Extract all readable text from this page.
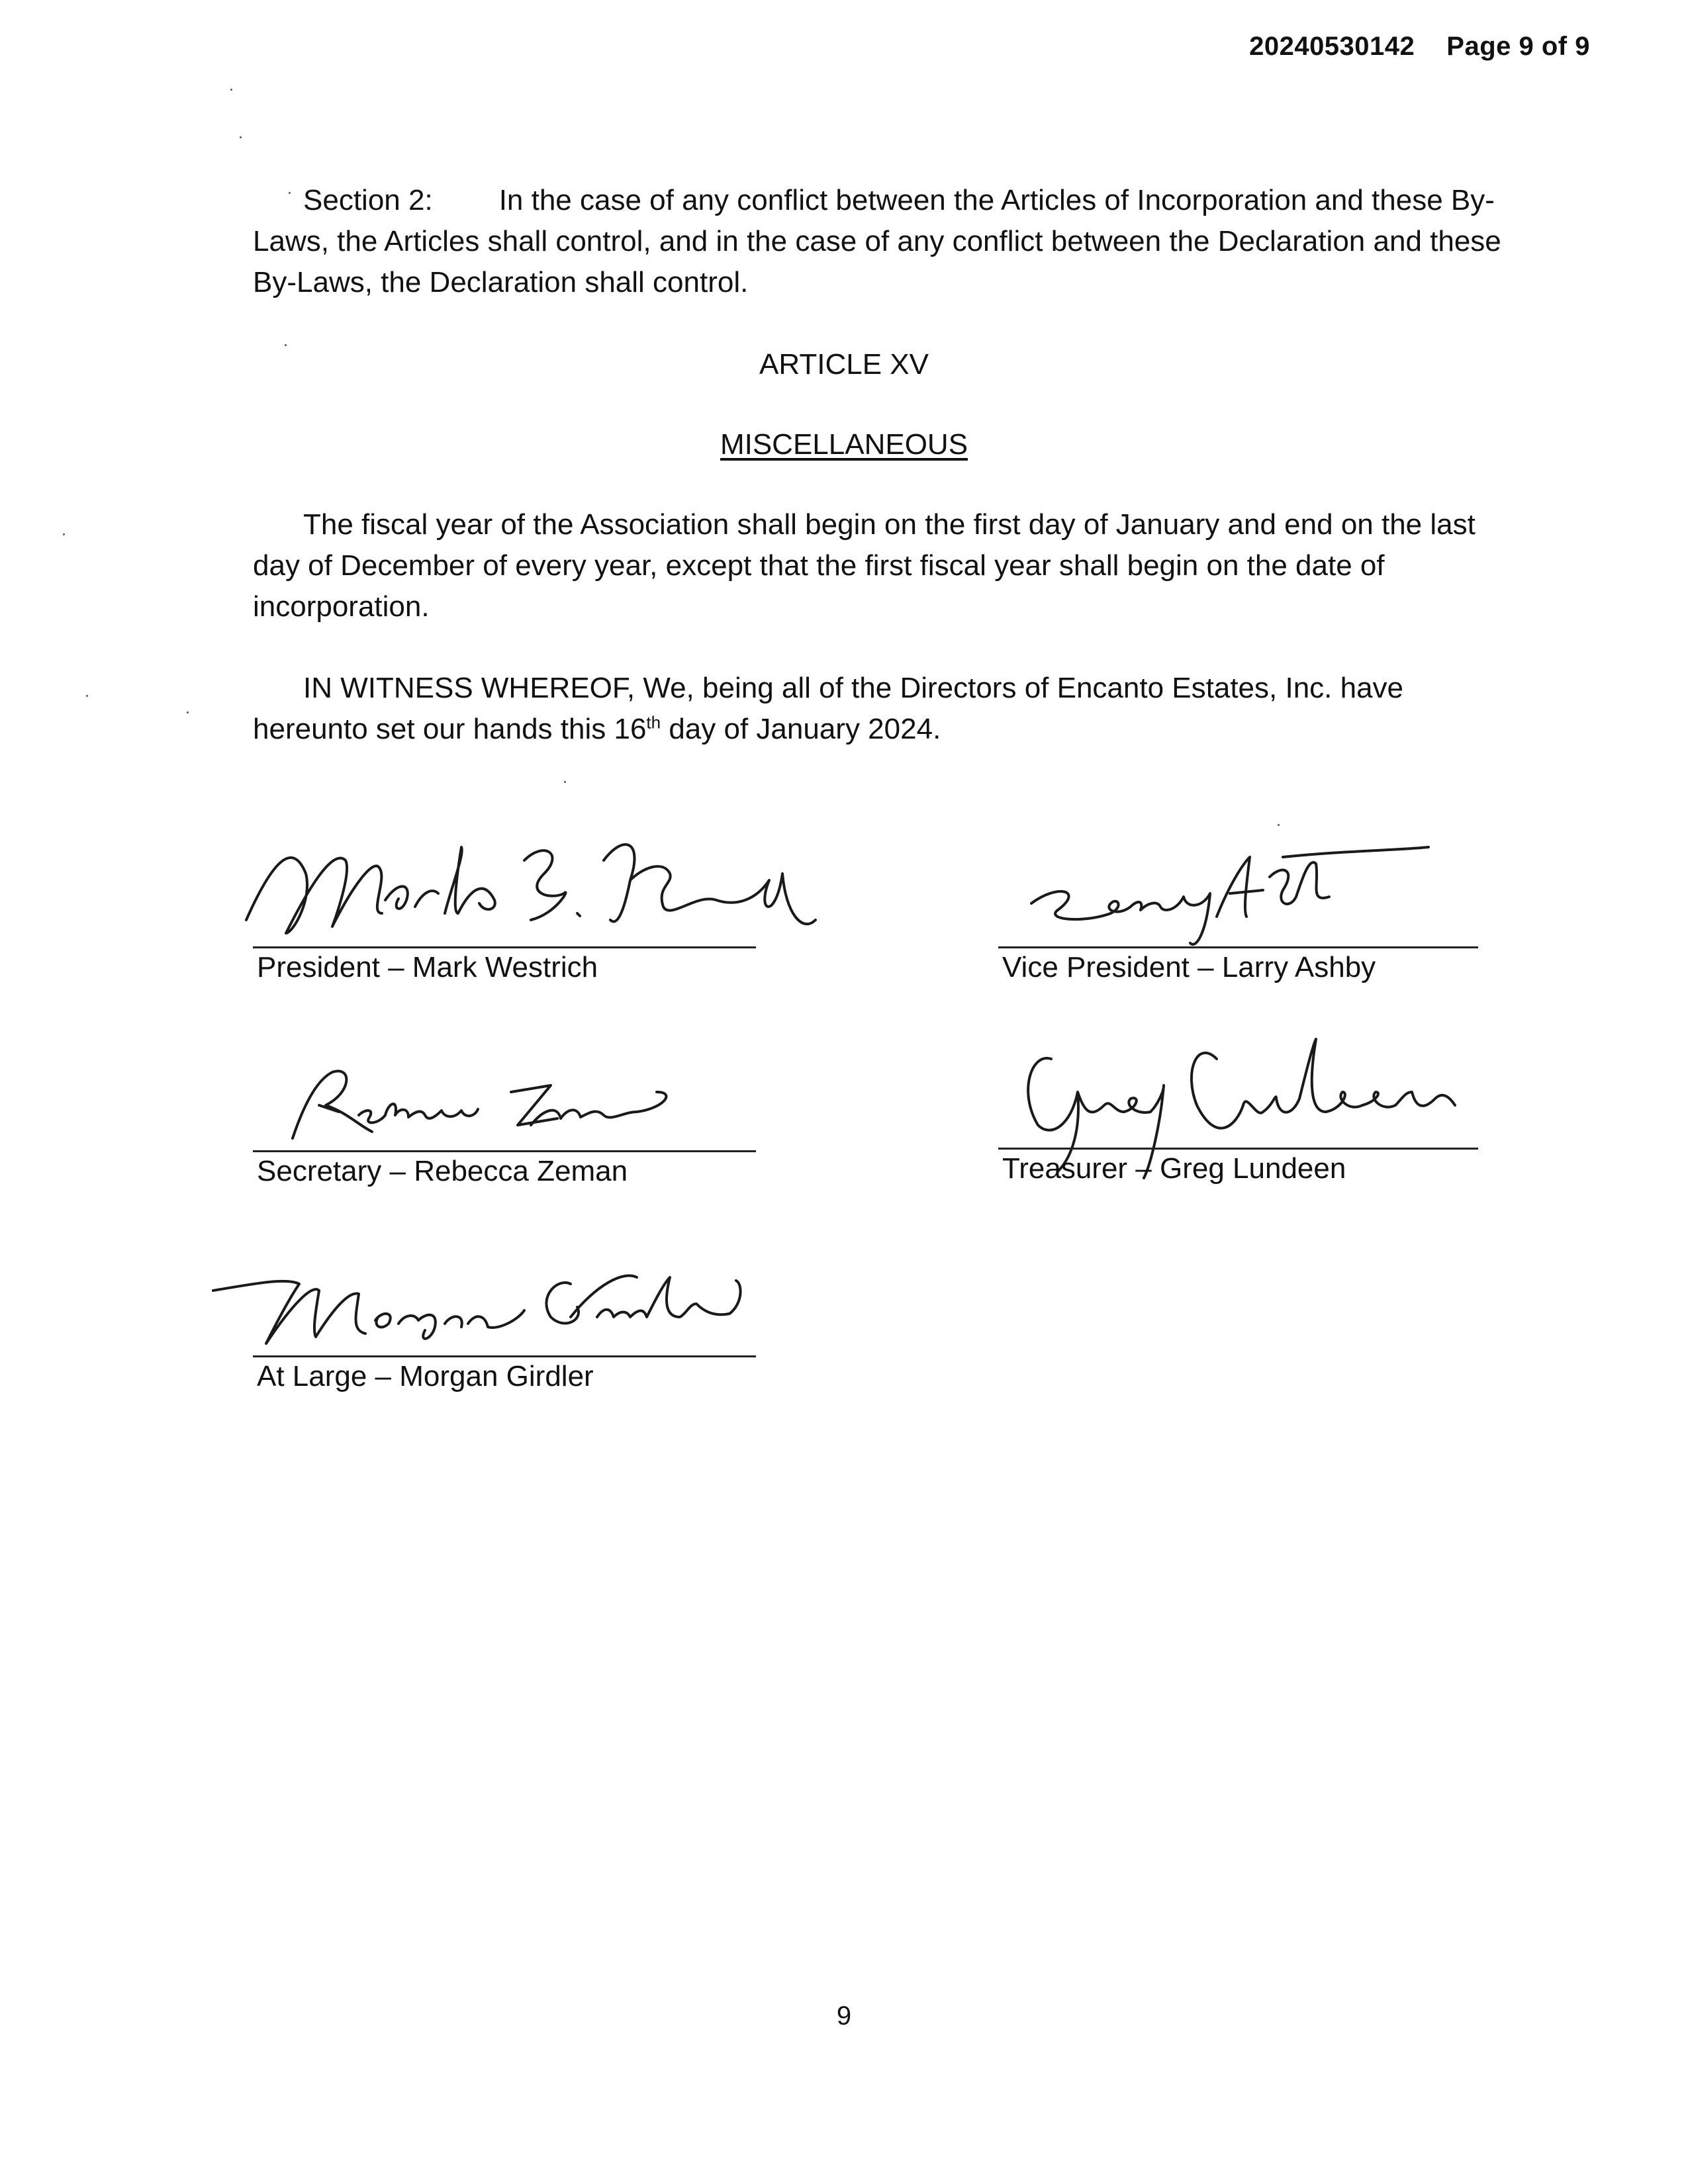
20240530142 Page 9 of 9
Section 2: In the case of any conflict between the Articles of Incorporation and these By-Laws, the Articles shall control, and in the case of any conflict between the Declaration and these By-Laws, the Declaration shall control.
ARTICLE XV
MISCELLANEOUS
The fiscal year of the Association shall begin on the first day of January and end on the last day of December of every year, except that the first fiscal year shall begin on the date of incorporation.
IN WITNESS WHEREOF, We, being all of the Directors of Encanto Estates, Inc. have hereunto set our hands this 16th day of January 2024.
President – Mark Westrich	Vice President – Larry Ashby
Secretary – Rebecca Zeman	Treasurer – Greg Lundeen
At Large – Morgan Girdler
9
